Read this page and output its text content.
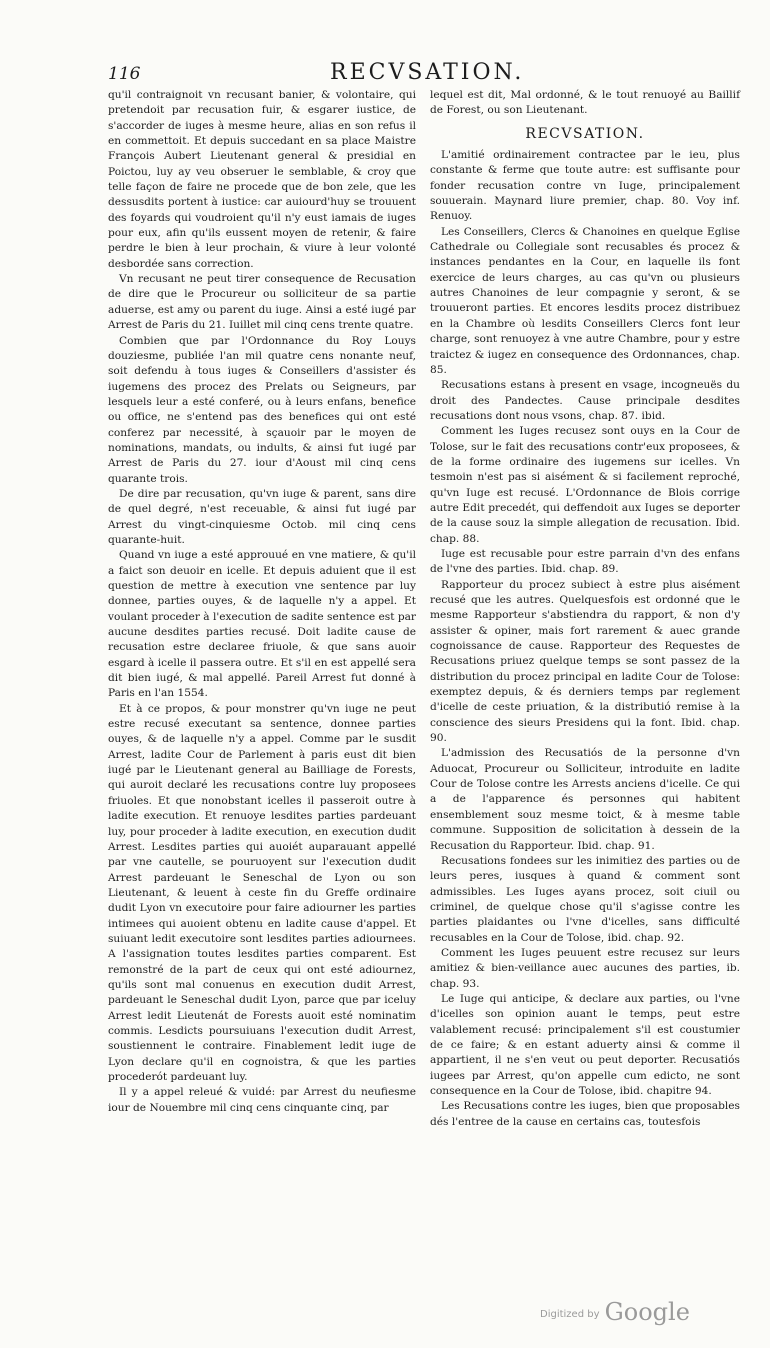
116	RECVSATION.

qu'il contraignoit vn recusant banier, & volontaire, qui pretendoit par recusation fuir, & esgarer iustice, de s'accorder de iuges à mesme heure, alias en son refus il en commettoit. Et depuis succedant en sa place Maistre François Aubert Lieutenant general & presidial en Poictou, luy ay veu obseruer le semblable, & croy que telle façon de faire ne procede que de bon zele, que les dessusdits portent à iustice: car auiourd'huy se trouuent des foyards qui voudroient qu'il n'y eust iamais de iuges pour eux, afin qu'ils eussent moyen de retenir, & faire perdre le bien à leur prochain, & viure à leur volonté desbordée sans correction.

Vn recusant ne peut tirer consequence de Recusation de dire que le Procureur ou solliciteur de sa partie aduerse, est amy ou parent du iuge. Ainsi a esté iugé par Arrest de Paris du 21. Iuillet mil cinq cens trente quatre.

Combien que par l'Ordonnance du Roy Louys douziesme, publiée l'an mil quatre cens nonante neuf, soit defendu à tous iuges & Conseillers d'assister és iugemens des procez des Prelats ou Seigneurs, par lesquels leur a esté conferé, ou à leurs enfans, benefice ou office, ne s'entend pas des benefices qui ont esté conferez par necessité, à sçauoir par le moyen de nominations, mandats, ou indults, & ainsi fut iugé par Arrest de Paris du 27. iour d'Aoust mil cinq cens quarante trois.

De dire par recusation, qu'vn iuge & parent, sans dire de quel degré, n'est receuable, & ainsi fut iugé par Arrest du vingt-cinquiesme Octob. mil cinq cens quarante-huit.

Quand vn iuge a esté approuué en vne matiere, & qu'il a faict son deuoir en icelle. Et depuis aduient que il est question de mettre à execution vne sentence par luy donnee, parties ouyes, & de laquelle n'y a appel. Et voulant proceder à l'execution de sadite sentence est par aucune desdites parties recusé. Doit ladite cause de recusation estre declaree friuole, & que sans auoir esgard à icelle il passera outre. Et s'il en est appellé sera dit bien iugé, & mal appellé. Pareil Arrest fut donné à Paris en l'an 1554.

Et à ce propos, & pour monstrer qu'vn iuge ne peut estre recusé executant sa sentence, donnee parties ouyes, & de laquelle n'y a appel. Comme par le susdit Arrest, ladite Cour de Parlement à paris eust dit bien iugé par le Lieutenant general au Bailliage de Forests, qui auroit declaré les recusations contre luy proposees friuoles. Et que nonobstant icelles il passeroit outre à ladite execution. Et renuoye lesdites parties pardeuant luy, pour proceder à ladite execution, en execution dudit Arrest. Lesdites parties qui auoiét auparauant appellé par vne cautelle, se pouruoyent sur l'execution dudit Arrest pardeuant le Seneschal de Lyon ou son Lieutenant, & leuent à ceste fin du Greffe ordinaire dudit Lyon vn executoire pour faire adiourner les parties intimees qui auoient obtenu en ladite cause d'appel. Et suiuant ledit executoire sont lesdites parties adiournees. A l'assignation toutes lesdites parties comparent. Est remonstré de la part de ceux qui ont esté adiournez, qu'ils sont mal conuenus en execution dudit Arrest, pardeuant le Seneschal dudit Lyon, parce que par iceluy Arrest ledit Lieutenát de Forests auoit esté nominatim commis. Lesdicts poursuiuans l'execution dudit Arrest, soustiennent le contraire. Finablement ledit iuge de Lyon declare qu'il en cognoistra, & que les parties procederót pardeuant luy.

Il y a appel releué & vuidé: par Arrest du neufiesme iour de Nouembre mil cinq cens cinquante cinq, par

lequel est dit, Mal ordonné, & le tout renuoyé au Baillif de Forest, ou son Lieutenant.

RECVSATION.

L'amitié ordinairement contractee par le ieu, plus constante & ferme que toute autre: est suffisante pour fonder recusation contre vn Iuge, principalement souuerain. Maynard liure premier, chap. 80. Voy inf. Renuoy.

Les Conseillers, Clercs & Chanoines en quelque Eglise Cathedrale ou Collegiale sont recusables és procez & instances pendantes en la Cour, en laquelle ils font exercice de leurs charges, au cas qu'vn ou plusieurs autres Chanoines de leur compagnie y seront, & se trouueront parties. Et encores lesdits procez distribuez en la Chambre où lesdits Conseillers Clercs font leur charge, sont renuoyez à vne autre Chambre, pour y estre traictez & iugez en consequence des Ordonnances, chap. 85.

Recusations estans à present en vsage, incogneuës du droit des Pandectes. Cause principale desdites recusations dont nous vsons, chap. 87. ibid.

Comment les Iuges recusez sont ouys en la Cour de Tolose, sur le fait des recusations contr'eux proposees, & de la forme ordinaire des iugemens sur icelles. Vn tesmoin n'est pas si aisément & si facilement reproché, qu'vn Iuge est recusé. L'Ordonnance de Blois corrige autre Edit precedét, qui deffendoit aux Iuges se deporter de la cause souz la simple allegation de recusation. Ibid. chap. 88.

Iuge est recusable pour estre parrain d'vn des enfans de l'vne des parties. Ibid. chap. 89.

Rapporteur du procez subiect à estre plus aisément recusé que les autres. Quelquesfois est ordonné que le mesme Rapporteur s'abstiendra du rapport, & non d'y assister & opiner, mais fort rarement & auec grande cognoissance de cause. Rapporteur des Requestes de Recusations priuez quelque temps se sont passez de la distribution du procez principal en ladite Cour de Tolose: exemptez depuis, & és derniers temps par reglement d'icelle de ceste priuation, & la distributió remise à la conscience des sieurs Presidens qui la font. Ibid. chap. 90.

L'admission des Recusatiós de la personne d'vn Aduocat, Procureur ou Solliciteur, introduite en ladite Cour de Tolose contre les Arrests anciens d'icelle. Ce qui a de l'apparence és personnes qui habitent ensemblement souz mesme toict, & à mesme table commune. Supposition de solicitation à dessein de la Recusation du Rapporteur. Ibid. chap. 91.

Recusations fondees sur les inimitiez des parties ou de leurs peres, iusques à quand & comment sont admissibles. Les Iuges ayans procez, soit ciuil ou criminel, de quelque chose qu'il s'agisse contre les parties plaidantes ou l'vne d'icelles, sans difficulté recusables en la Cour de Tolose, ibid. chap. 92.

Comment les Iuges peuuent estre recusez sur leurs amitiez & bien-veillance auec aucunes des parties, ib. chap. 93.

Le Iuge qui anticipe, & declare aux parties, ou l'vne d'icelles son opinion auant le temps, peut estre valablement recusé: principalement s'il est coustumier de ce faire; & en estant aduerty ainsi & comme il appartient, il ne s'en veut ou peut deporter. Recusatiós iugees par Arrest, qu'on appelle cum edicto, ne sont consequence en la Cour de Tolose, ibid. chapitre 94.

Les Recusations contre les iuges, bien que proposables dés l'entree de la cause en certains cas, toutesfois

Digitized by Google
